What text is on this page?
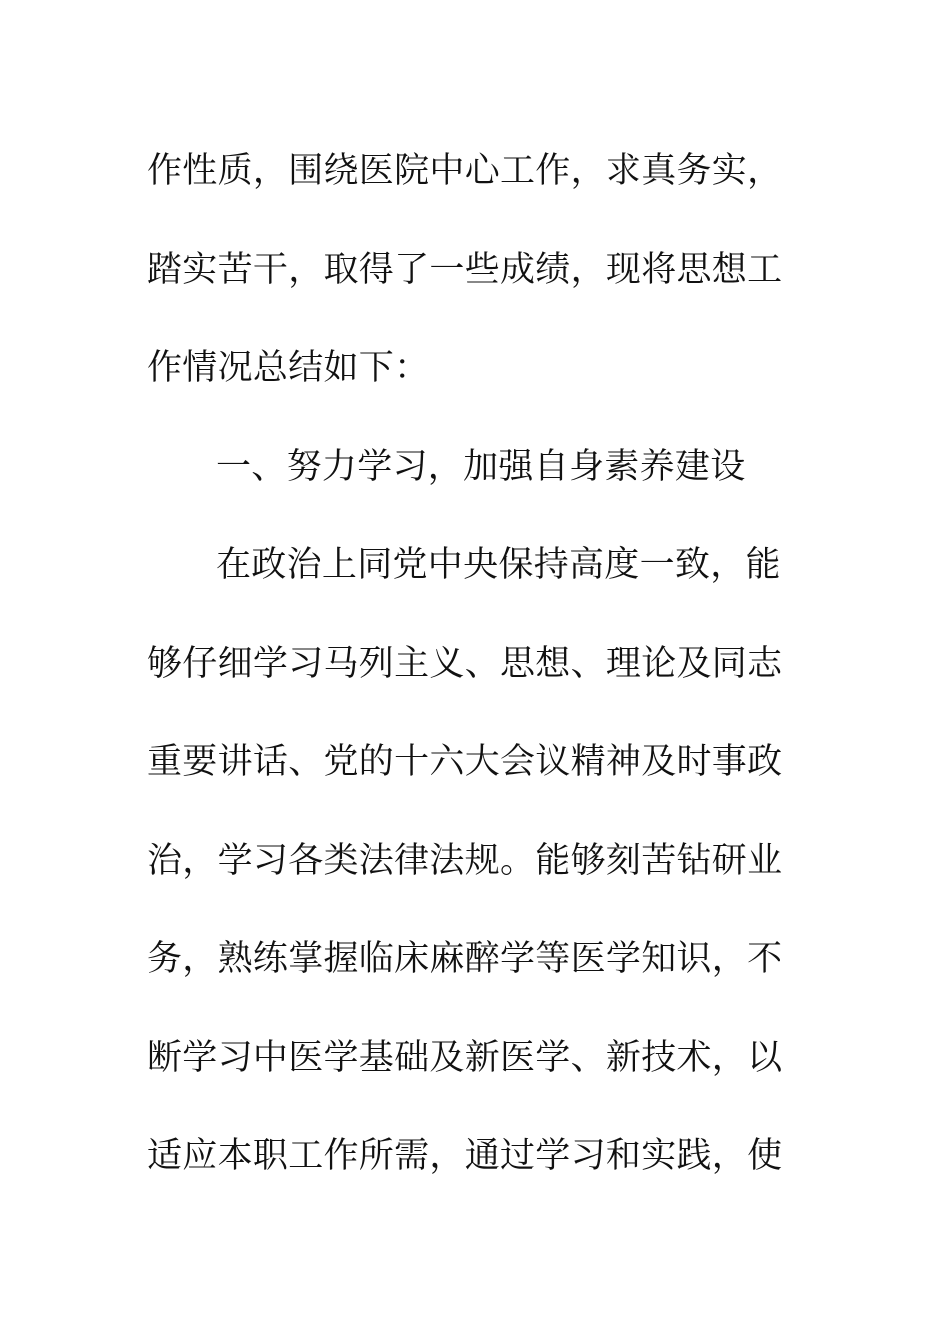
作性质，围绕医院中心工作，求真务实，

踏实苦干，取得了一些成绩，现将思想工

作情况总结如下：

一、努力学习，加强自身素养建设

在政治上同党中央保持高度一致，能

够仔细学习马列主义、思想、理论及同志

重要讲话、党的十六大会议精神及时事政

治，学习各类法律法规。能够刻苦钻研业

务，熟练掌握临床麻醉学等医学知识，不

断学习中医学基础及新医学、新技术，以

适应本职工作所需，通过学习和实践，使
